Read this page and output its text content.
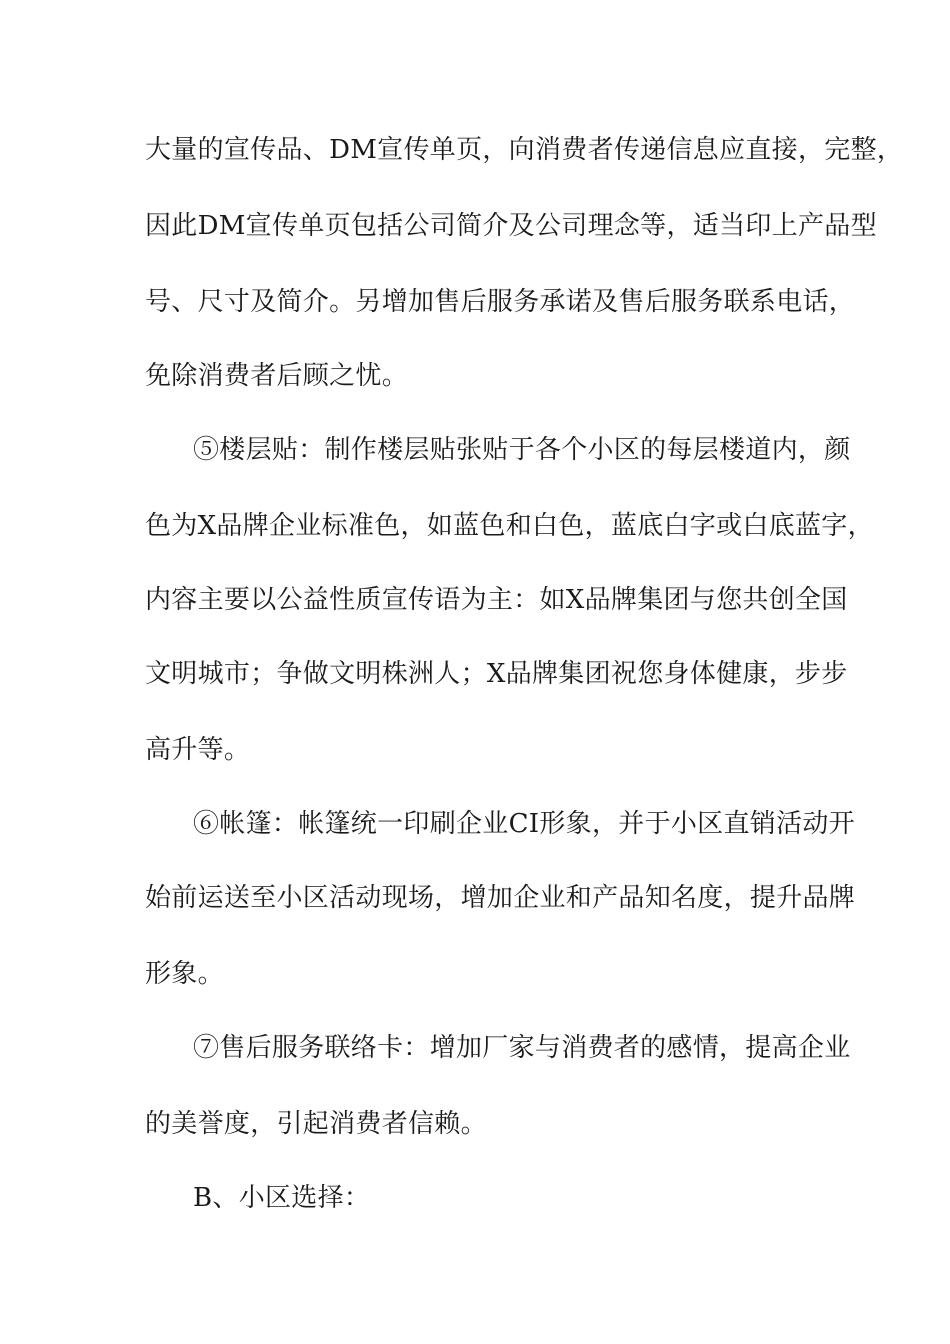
大量的宣传品、DM宣传单页，向消费者传递信息应直接，完整，
因此DM宣传单页包括公司简介及公司理念等，适当印上产品型
号、尺寸及简介。另增加售后服务承诺及售后服务联系电话，
免除消费者后顾之忧。
⑤楼层贴：制作楼层贴张贴于各个小区的每层楼道内，颜
色为X品牌企业标准色，如蓝色和白色，蓝底白字或白底蓝字，
内容主要以公益性质宣传语为主：如X品牌集团与您共创全国
文明城市；争做文明株洲人；X品牌集团祝您身体健康，步步
高升等。
⑥帐篷：帐篷统一印刷企业CI形象，并于小区直销活动开
始前运送至小区活动现场，增加企业和产品知名度，提升品牌
形象。
⑦售后服务联络卡：增加厂家与消费者的感情，提高企业
的美誉度，引起消费者信赖。
B、小区选择：
